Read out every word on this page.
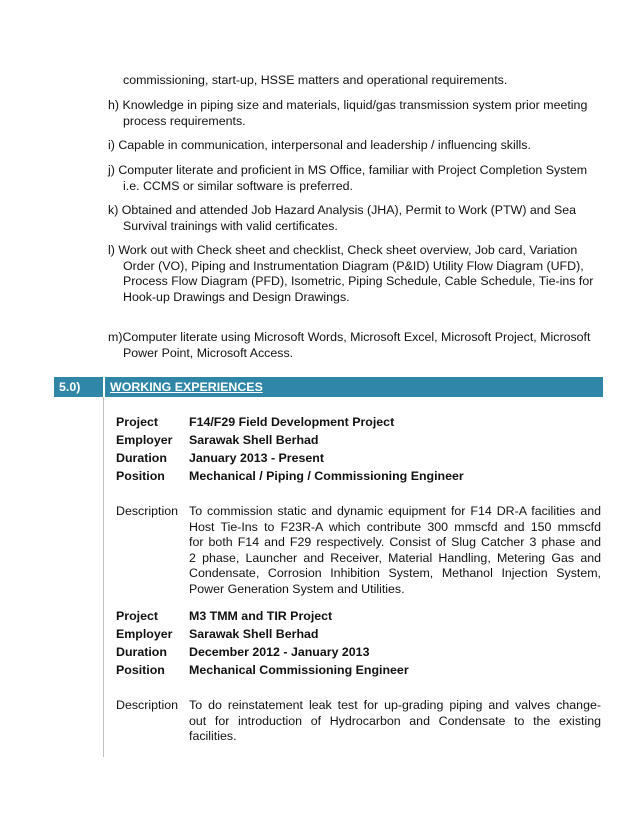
commissioning, start-up, HSSE matters and operational requirements.
h) Knowledge in piping size and materials, liquid/gas transmission system prior meeting
process requirements.
i) Capable in communication, interpersonal and leadership / influencing skills.
j) Computer literate and proficient in MS Office, familiar with Project Completion System
i.e. CCMS or similar software is preferred.
k) Obtained and attended Job Hazard Analysis (JHA), Permit to Work (PTW) and Sea
Survival trainings with valid certificates.
l) Work out with Check sheet and checklist, Check sheet overview, Job card, Variation
Order (VO), Piping and Instrumentation Diagram (P&ID) Utility Flow Diagram (UFD),
Process Flow Diagram (PFD), Isometric, Piping Schedule, Cable Schedule, Tie-ins for
Hook-up Drawings and Design Drawings.
m)Computer literate using Microsoft Words, Microsoft Excel, Microsoft Project, Microsoft
Power Point, Microsoft Access.
5.0) WORKING EXPERIENCES
Project	F14/F29 Field Development Project
Employer	Sarawak Shell Berhad
Duration	January 2013 - Present
Position	Mechanical / Piping / Commissioning Engineer
Description To commission static and dynamic equipment for F14 DR-A facilities and
Host Tie-Ins to F23R-A which contribute 300 mmscfd and 150 mmscfd
for both F14 and F29 respectively. Consist of Slug Catcher 3 phase and
2 phase, Launcher and Receiver, Material Handling, Metering Gas and
Condensate, Corrosion Inhibition System, Methanol Injection System,
Power Generation System and Utilities.
Project	M3 TMM and TIR Project
Employer	Sarawak Shell Berhad
Duration	December 2012 - January 2013
Position	Mechanical Commissioning Engineer
Description To do reinstatement leak test for up-grading piping and valves change-
out for introduction of Hydrocarbon and Condensate to the existing
facilities.
